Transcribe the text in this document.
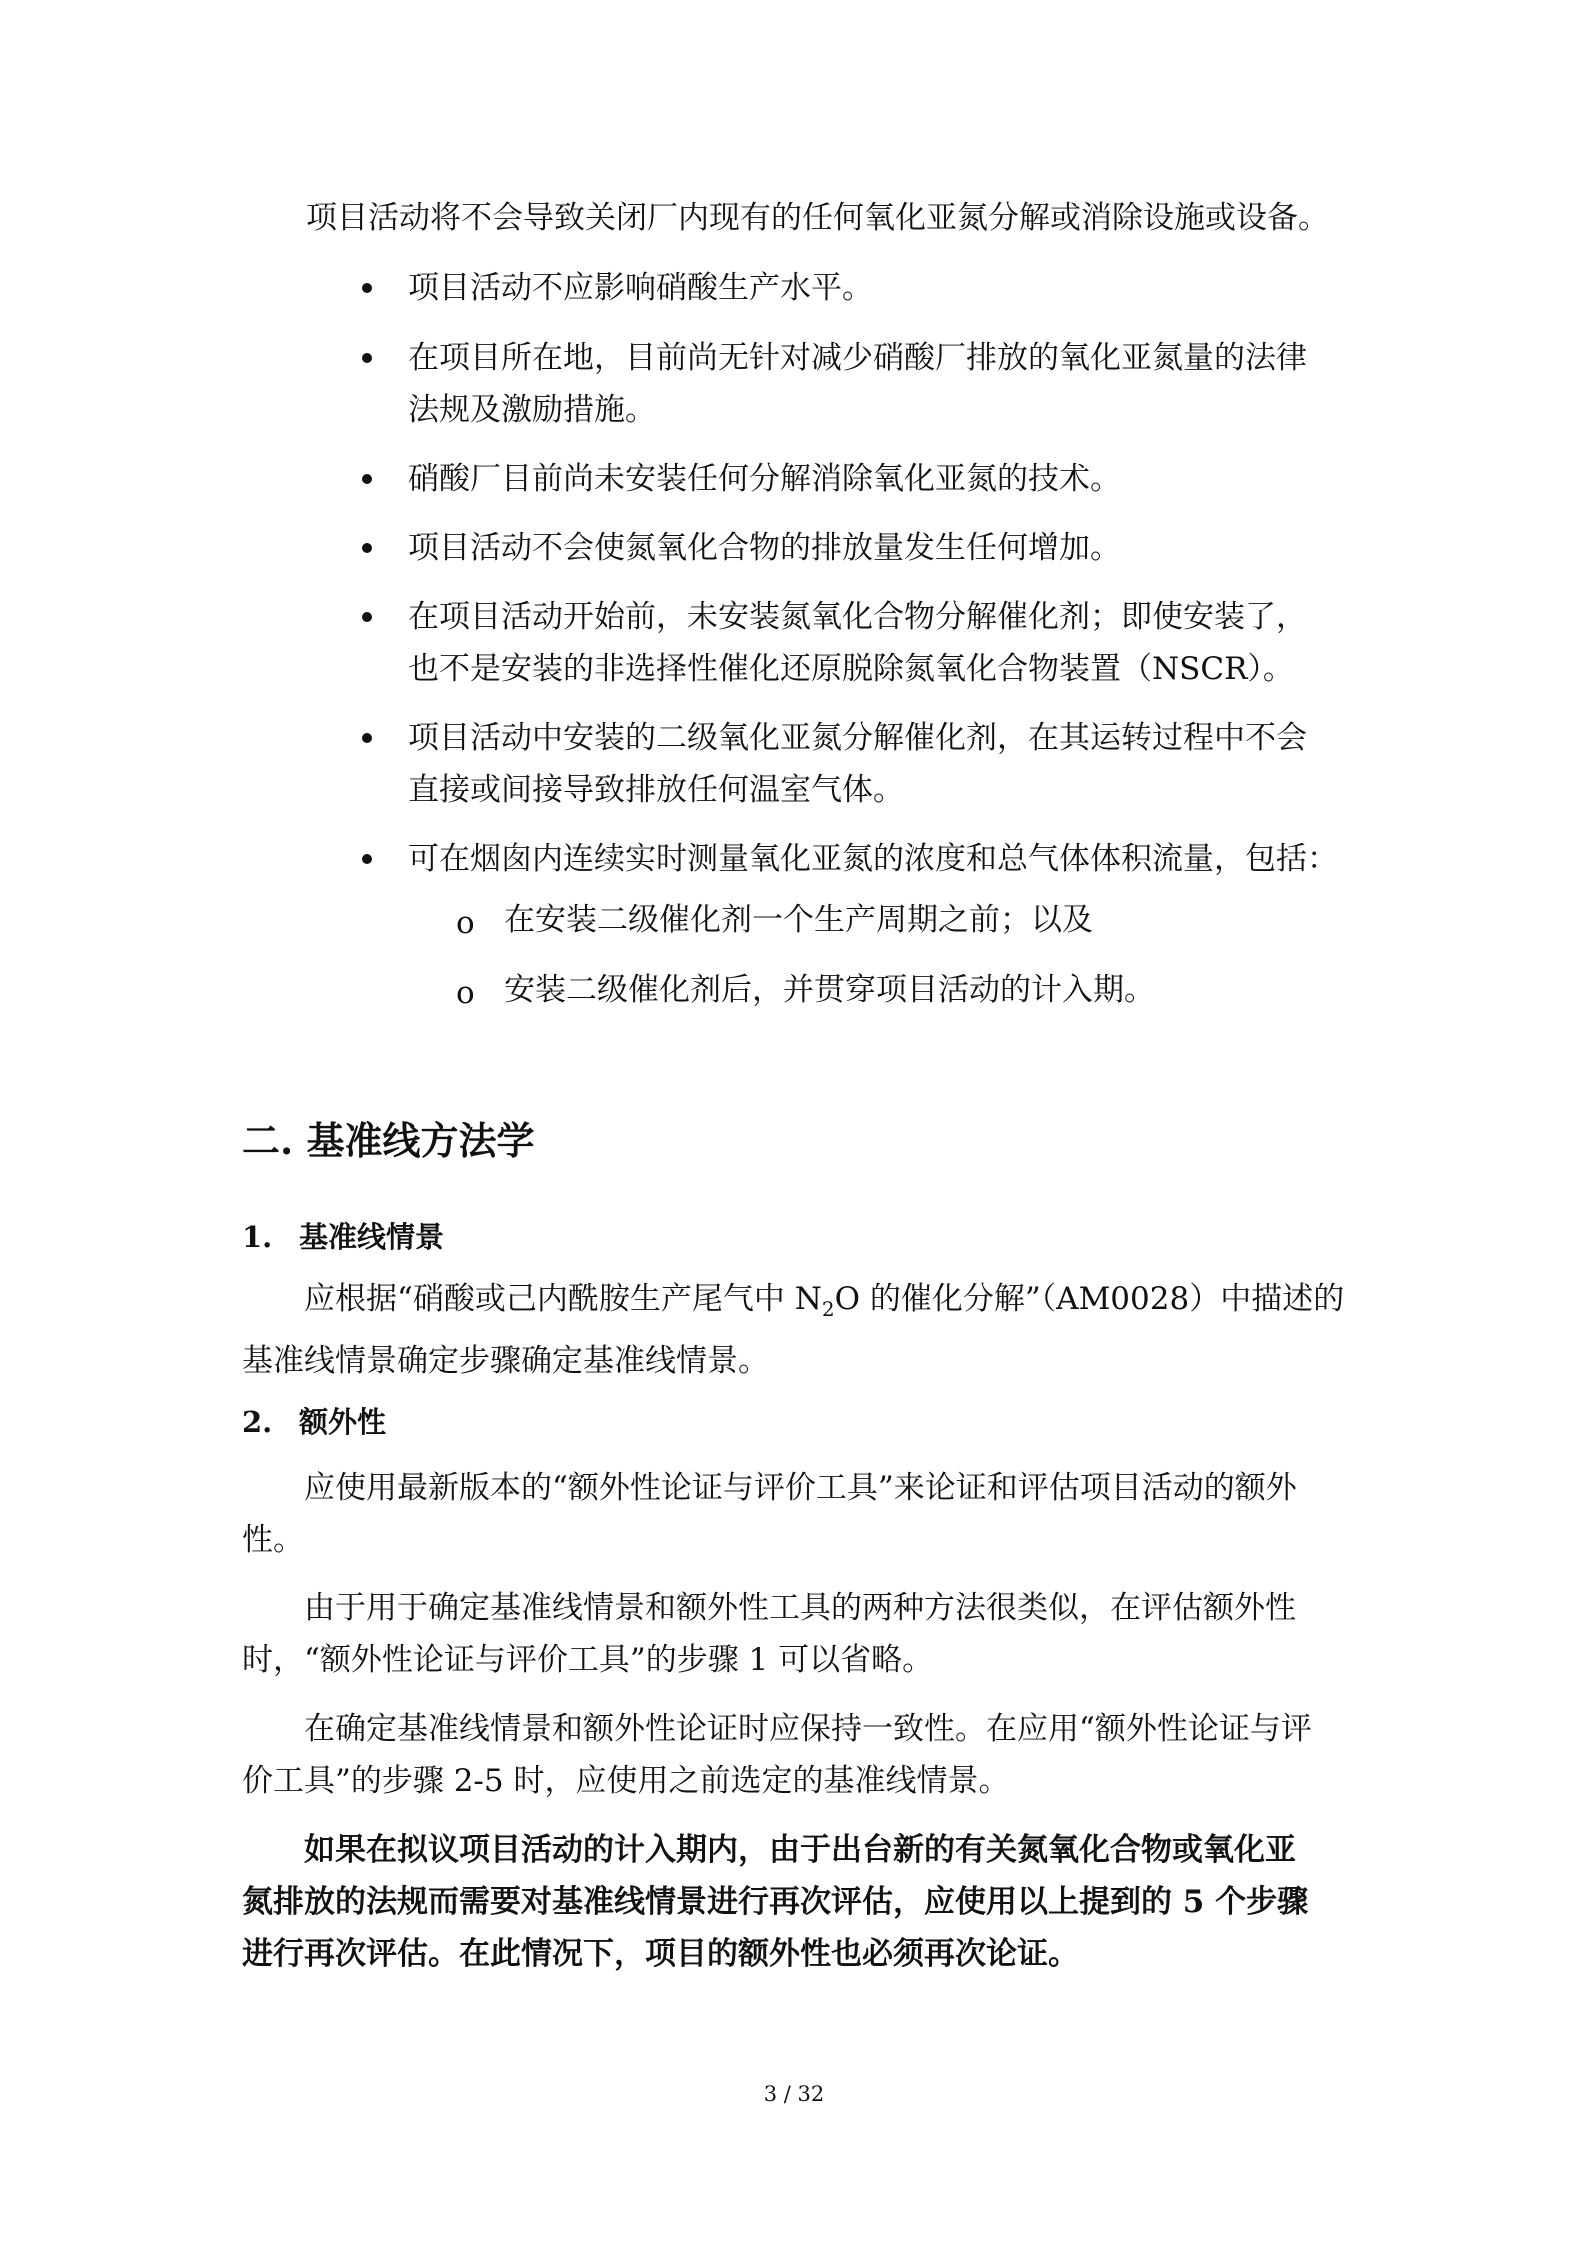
项目活动将不会导致关闭厂内现有的任何氧化亚氮分解或消除设施或设备。

项目活动不应影响硝酸生产水平。

在项目所在地，目前尚无针对减少硝酸厂排放的氧化亚氮量的法律
法规及激励措施。

硝酸厂目前尚未安装任何分解消除氧化亚氮的技术。

项目活动不会使氮氧化合物的排放量发生任何增加。

在项目活动开始前，未安装氮氧化合物分解催化剂；即使安装了，
也不是安装的非选择性催化还原脱除氮氧化合物装置（NSCR）。

项目活动中安装的二级氧化亚氮分解催化剂，在其运转过程中不会
直接或间接导致排放任何温室气体。

可在烟囱内连续实时测量氧化亚氮的浓度和总气体体积流量，包括：

o 在安装二级催化剂一个生产周期之前；以及

o 安装二级催化剂后，并贯穿项目活动的计入期。

二. 基准线方法学
1. 基准线情景

应根据“硝酸或己内酰胺生产尾气中 $N_2O$ 的催化分解”（AM0028）中描述的
基准线情景确定步骤确定基准线情景。

2. 额外性

应使用最新版本的“额外性论证与评价工具”来论证和评估项目活动的额外
性。

由于用于确定基准线情景和额外性工具的两种方法很类似，在评估额外性
时，“额外性论证与评价工具”的步骤 1 可以省略。

在确定基准线情景和额外性论证时应保持一致性。在应用“额外性论证与评
价工具”的步骤 2-5 时，应使用之前选定的基准线情景。

如果在拟议项目活动的计入期内，由于出台新的有关氮氧化合物或氧化亚
氮排放的法规而需要对基准线情景进行再次评估，应使用以上提到的 5 个步骤
进行再次评估。在此情况下，项目的额外性也必须再次论证。

3 / 32
